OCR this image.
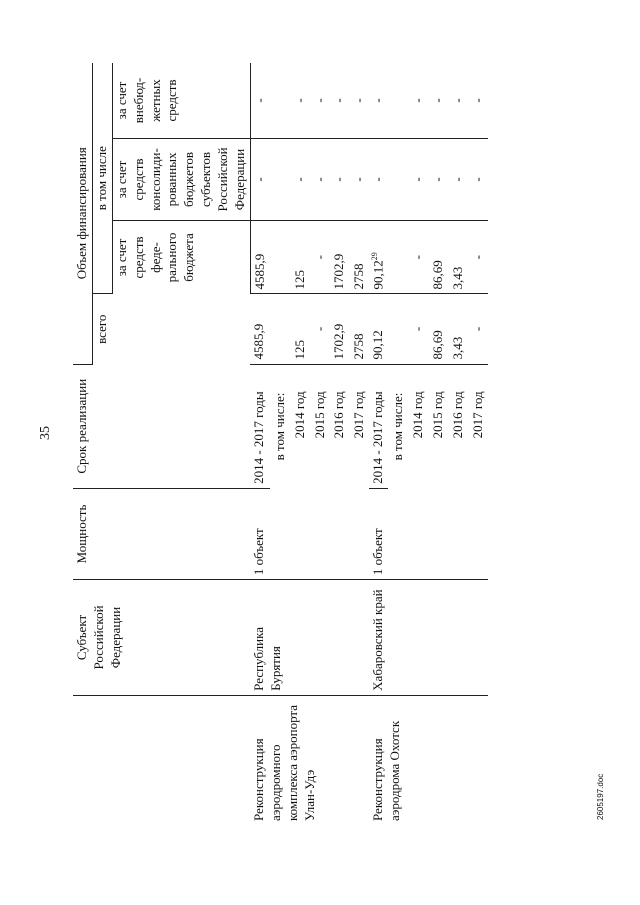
35
2605197.doc
	Субъект Российской Федерации	Мощность	Срок реализации	Объем финансирования			
				всего	в том числе		
					за счет средств феде-рального бюджета	за счет средств консолиди-рованных бюджетов субъектов Российской Федерации	за счет внебюд-жетных средств
Реконструкция аэродромного комплекса аэропорта Улан-Удэ	Республика Бурятия	1 объект	2014 - 2017 годы	4585,9	4585,9	-	-
			в том числе:				
			2014 год	125	125	-	-
			2015 год	-	-	-	-
			2016 год	1702,9	1702,9	-	-
			2017 год	2758	2758	-	-
Реконструкция аэродрома Охотск	Хабаровский край	1 объект	2014 - 2017 годы	90,12	90,12$^{29}$	-	-
			в том числе:				
			2014 год	-	-	-	-
			2015 год	86,69	86,69	-	-
			2016 год	3,43	3,43	-	-
			2017 год	-	-	-	-
